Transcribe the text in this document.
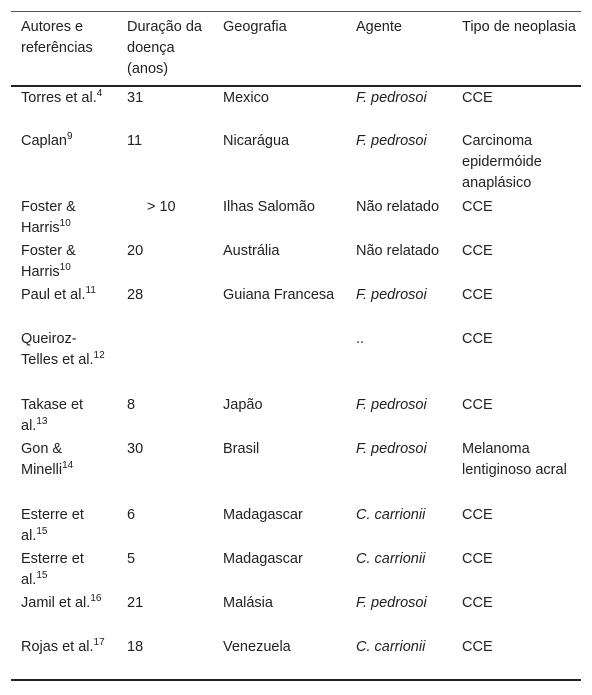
Autores e referências	Duração da doença (anos)	Geografia	Agente	Tipo de neoplasia
Torres et al.$^4$	31	Mexico	F. pedrosoi	CCE
Caplan$^9$	11	Nicarágua	F. pedrosoi	Carcinoma epidermóide anaplásico
Foster & Harris$^{10}$	> 10	Ilhas Salomão	Não relatado	CCE
Foster & Harris$^{10}$	20	Austrália	Não relatado	CCE
Paul et al.$^{11}$	28	Guiana Francesa	F. pedrosoi	CCE
Queiroz-Telles et al.$^{12}$			..	CCE
Takase et al.$^{13}$	8	Japão	F. pedrosoi	CCE
Gon & Minelli$^{14}$	30	Brasil	F. pedrosoi	Melanoma lentiginoso acral
Esterre et al.$^{15}$	6	Madagascar	C. carrionii	CCE
Esterre et al.$^{15}$	5	Madagascar	C. carrionii	CCE
Jamil et al.$^{16}$	21	Malásia	F. pedrosoi	CCE
Rojas et al.$^{17}$	18	Venezuela	C. carrionii	CCE
